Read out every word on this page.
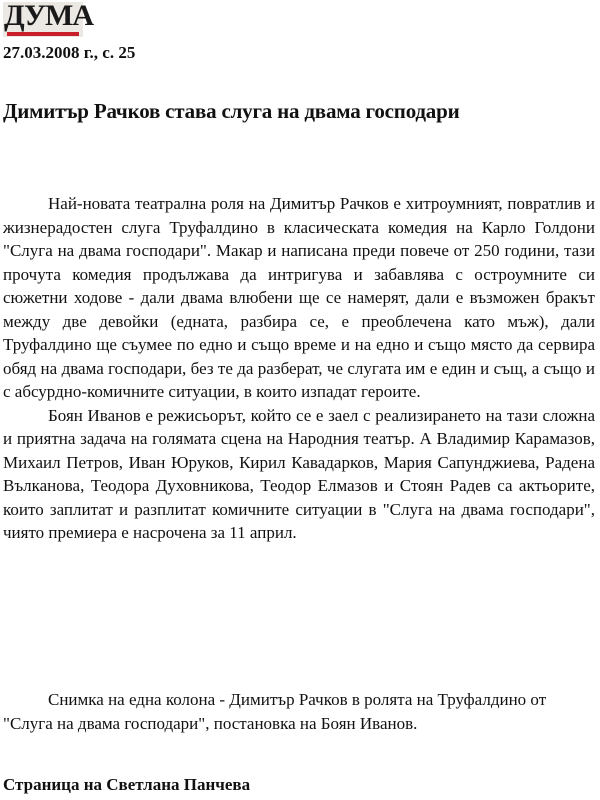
ДУМА
27.03.2008 г., с. 25
Димитър Рачков става слуга на двама господари

Най-новата театрална роля на Димитър Рачков е хитроумният, повратлив и жизнерадостен слуга Труфалдино в класическата комедия на Карло Голдони "Слуга на двама господари". Макар и написана преди повече от 250 години, тази прочута комедия продължава да интригува и забавлява с остроумните си сюжетни ходове - дали двама влюбени ще се намерят, дали е възможен бракът между две девойки (едната, разбира се, е преоблечена като мъж), дали Труфалдино ще съумее по едно и също време и на едно и също място да сервира обяд на двама господари, без те да разберат, че слугата им е един и същ, а също и с абсурдно-комичните ситуации, в които изпадат героите.

Боян Иванов е режисьорът, който се е заел с реализирането на тази сложна и приятна задача на голямата сцена на Народния театър. А Владимир Карамазов, Михаил Петров, Иван Юруков, Кирил Кавадарков, Мария Сапунджиева, Радена Вълканова, Теодора Духовникова, Теодор Елмазов и Стоян Радев са актьорите, които заплитат и разплитат комичните ситуации в "Слуга на двама господари", чиято премиера е насрочена за 11 април.

Снимка на една колона - Димитър Рачков в ролята на Труфалдино от "Слуга на двама господари", постановка на Боян Иванов.

Страница на Светлана Панчева
